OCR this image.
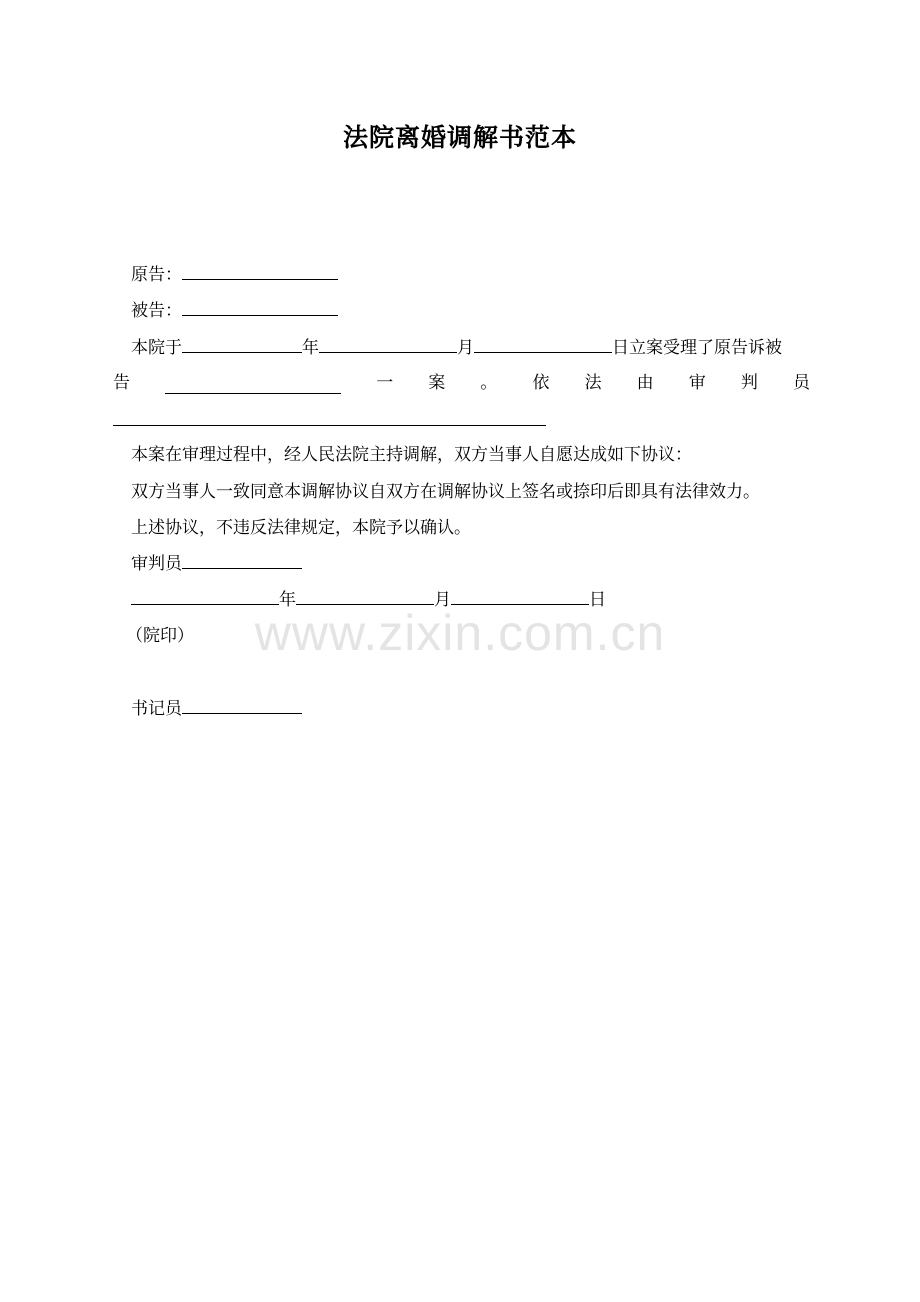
法院离婚调解书范本
原告：
被告：
本院于	年	月	日立案受理了原告诉被
告	一 案 。 依 法 由 审 判 员
本案在审理过程中，经人民法院主持调解，双方当事人自愿达成如下协议：
双方当事人一致同意本调解协议自双方在调解协议上签名或捺印后即具有法律效力。
上述协议，不违反法律规定，本院予以确认。
审判员
年	月	日
（院印）
书记员
www.zixin.com.cn
